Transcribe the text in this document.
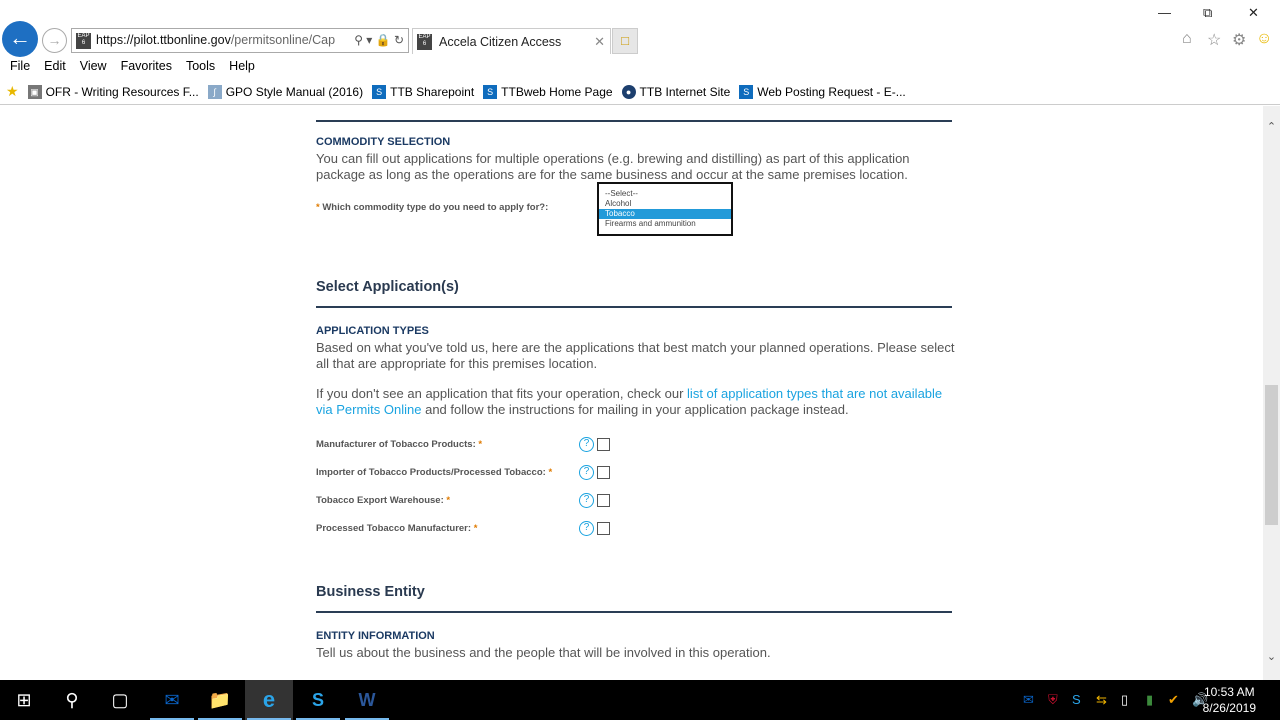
←	→	EAP
6 https://pilot.ttbonline.gov/permitsonline/Cap ⚲ ▾ 🔒 ↻ EAP
6	Accela Citizen Access	✕	□
— ⧉	✕
⌂ ☆ ⚙ ☺
File Edit View Favorites Tools Help
★	▣ OFR - Writing Resources F...	∫ GPO Style Manual (2016)	S TTB Sharepoint	S TTBweb Home Page	● TTB Internet Site	S Web Posting Request - E-...
COMMODITY SELECTION
You can fill out applications for multiple operations (e.g. brewing and distilling) as part of this application package as long as the operations are for the same business and occur at the same premises location.
* Which commodity type do you need to apply for?:
--Select--
Alcohol
Tobacco
Firearms and ammunition
Select Application(s)
APPLICATION TYPES
Based on what you've told us, here are the applications that best match your planned operations. Please select all that are appropriate for this premises location.
If you don't see an application that fits your operation, check our list of application types that are not available via Permits Online and follow the instructions for mailing in your application package instead.
Manufacturer of Tobacco Products: *	?
Importer of Tobacco Products/Processed Tobacco: *	?
Tobacco Export Warehouse: *	?
Processed Tobacco Manufacturer: *	?
Business Entity
ENTITY INFORMATION
Tell us about the business and the people that will be involved in this operation.
⌃
⌄
⊞	⚲	▢	✉	📁	e	S	W	✉ ⛨ S ⇆ ▯ ▮ ✔ 🔊
10:53 AM
8/26/2019
